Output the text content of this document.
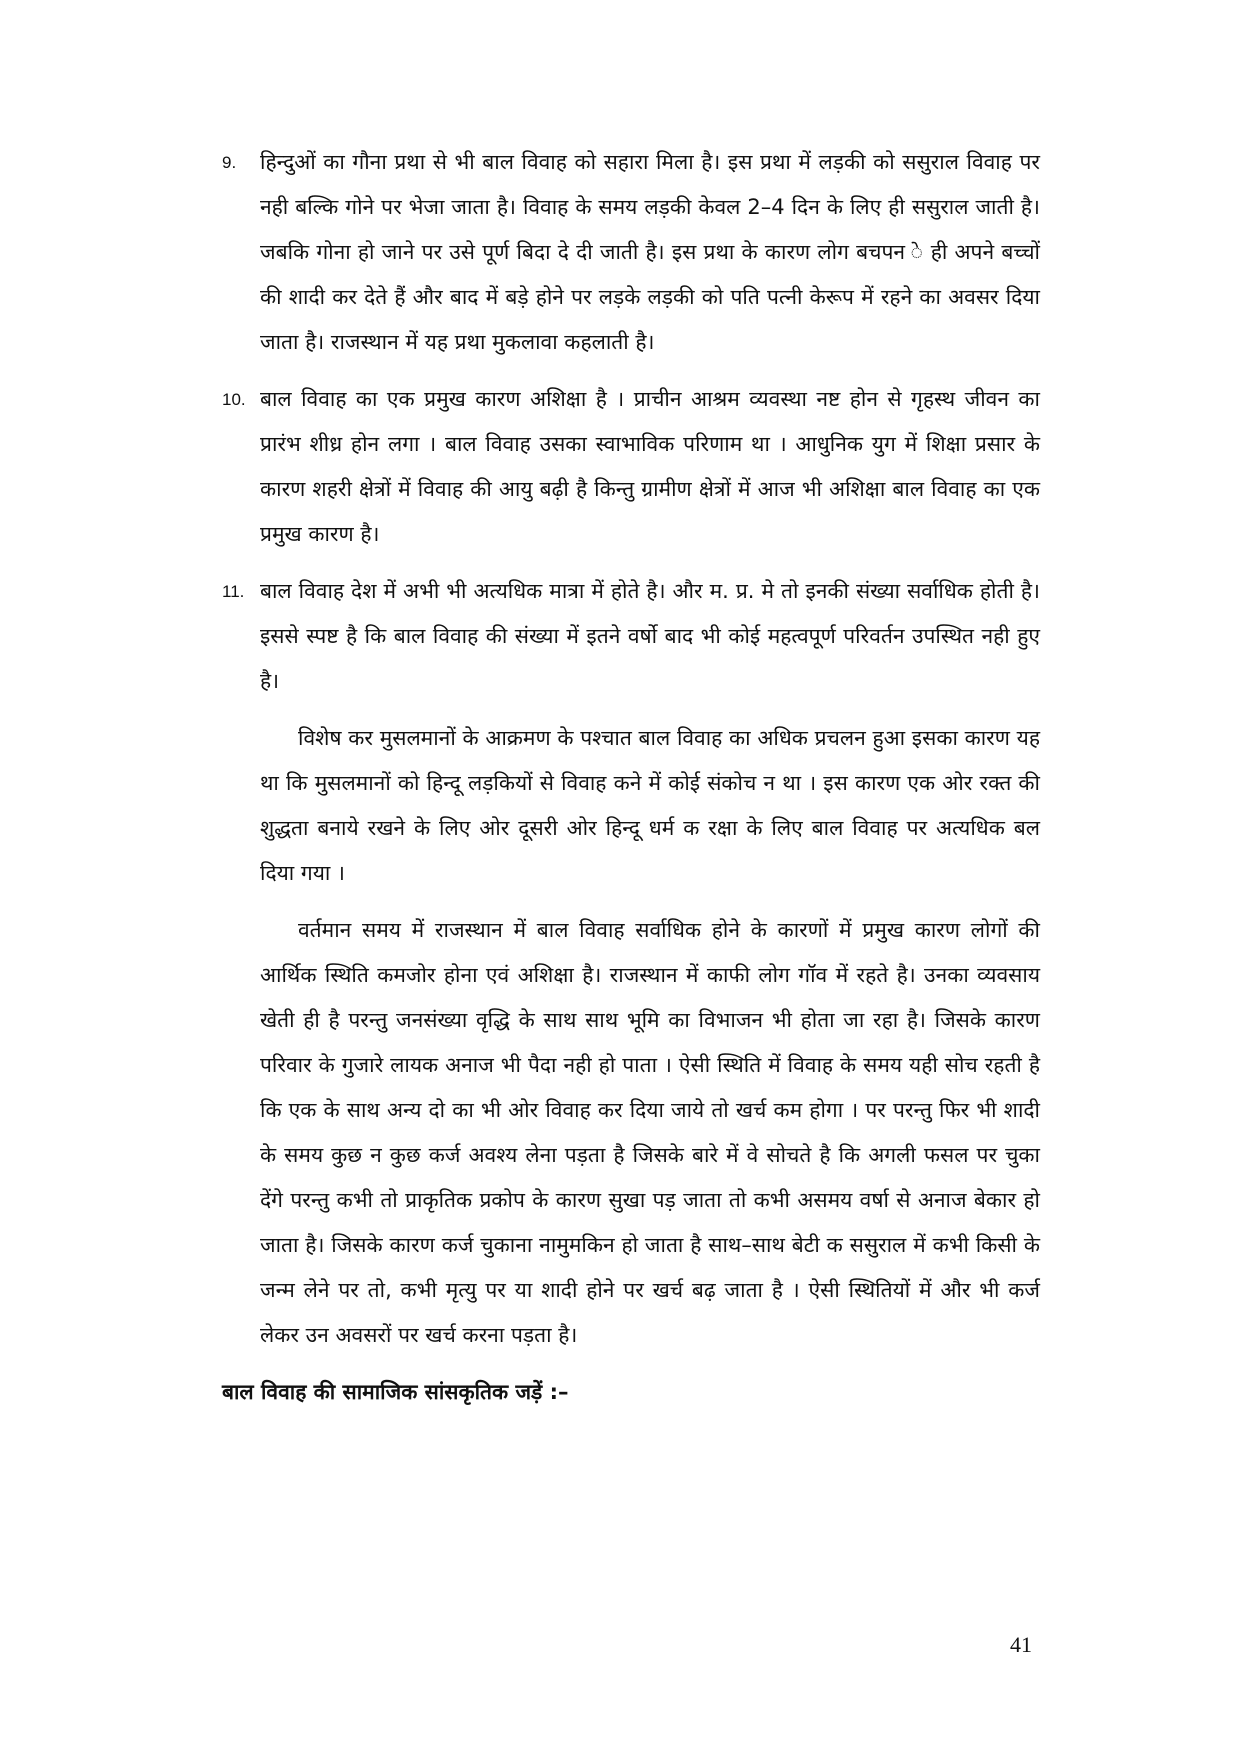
9. हिन्दुओं का गौना प्रथा से भी बाल विवाह को सहारा मिला है। इस प्रथा में लड़की को ससुराल विवाह पर नही बल्कि गोने पर भेजा जाता है। विवाह के समय लड़की केवल 2–4 दिन के लिए ही ससुराल जाती है। जबकि गोना हो जाने पर उसे पूर्ण बिदा दे दी जाती है। इस प्रथा के कारण लोग बचपन े ही अपने बच्चों की शादी कर देते हैं और बाद में बड़े होने पर लड़के लड़की को पति पत्नी केरूप में रहने का अवसर दिया जाता है। राजस्थान में यह प्रथा मुकलावा कहलाती है।
10. बाल विवाह का एक प्रमुख कारण अशिक्षा है । प्राचीन आश्रम व्यवस्था नष्ट होन से गृहस्थ जीवन का प्रारंभ शीध्र होन लगा । बाल विवाह उसका स्वाभाविक परिणाम था । आधुनिक युग में शिक्षा प्रसार के कारण शहरी क्षेत्रों में विवाह की आयु बढ़ी है किन्तु ग्रामीण क्षेत्रों में आज भी अशिक्षा बाल विवाह का एक प्रमुख कारण है।
11. बाल विवाह देश में अभी भी अत्यधिक मात्रा में होते है। और म. प्र. मे तो इनकी संख्या सर्वाधिक होती है। इससे स्पष्ट है कि बाल विवाह की संख्या में इतने वर्षो बाद भी कोई महत्वपूर्ण परिवर्तन उपस्थित नही हुए है।

विशेष कर मुसलमानों के आक्रमण के पश्चात बाल विवाह का अधिक प्रचलन हुआ इसका कारण यह था कि मुसलमानों को हिन्दू लड़कियों से विवाह कने में कोई संकोच न था । इस कारण एक ओर रक्त की शुद्धता बनाये रखने के लिए ओर दूसरी ओर हिन्दू धर्म क रक्षा के लिए बाल विवाह पर अत्यधिक बल दिया गया ।

वर्तमान समय में राजस्थान में बाल विवाह सर्वाधिक होने के कारणों में प्रमुख कारण लोगों की आर्थिक स्थिति कमजोर होना एवं अशिक्षा है। राजस्थान में काफी लोग गॉव में रहते है। उनका व्यवसाय खेती ही है परन्तु जनसंख्या वृद्धि के साथ साथ भूमि का विभाजन भी होता जा रहा है। जिसके कारण परिवार के गुजारे लायक अनाज भी पैदा नही हो पाता । ऐसी स्थिति में विवाह के समय यही सोच रहती है कि एक के साथ अन्य दो का भी ओर विवाह कर दिया जाये तो खर्च कम होगा । पर परन्तु फिर भी शादी के समय कुछ न कुछ कर्ज अवश्य लेना पड़ता है जिसके बारे में वे सोचते है कि अगली फसल पर चुका देंगे परन्तु कभी तो प्राकृतिक प्रकोप के कारण सुखा पड़ जाता तो कभी असमय वर्षा से अनाज बेकार हो जाता है। जिसके कारण कर्ज चुकाना नामुमकिन हो जाता है साथ–साथ बेटी क ससुराल में कभी किसी के जन्म लेने पर तो, कभी मृत्यु पर या शादी होने पर खर्च बढ़ जाता है । ऐसी स्थितियों में और भी कर्ज लेकर उन अवसरों पर खर्च करना पड़ता है।

बाल विवाह की सामाजिक सांसकृतिक जड़ें :–
41
